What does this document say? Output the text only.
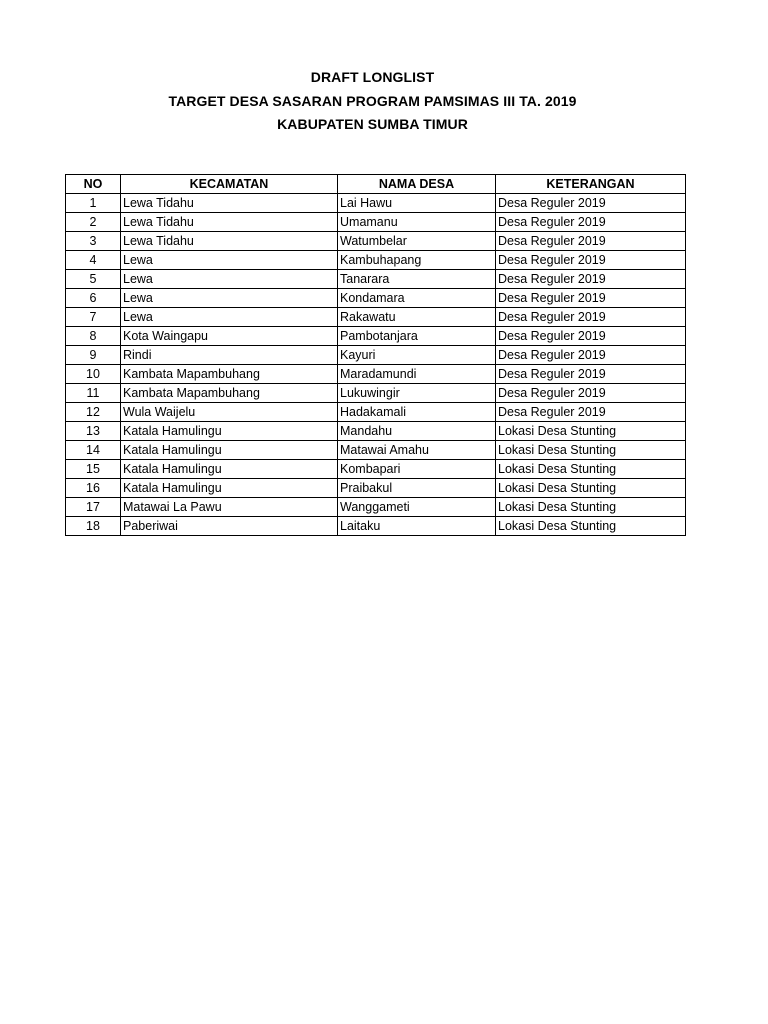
DRAFT LONGLIST
TARGET DESA SASARAN PROGRAM PAMSIMAS III TA. 2019
KABUPATEN SUMBA TIMUR
NO	KECAMATAN	NAMA DESA	KETERANGAN
1	Lewa Tidahu	Lai Hawu	Desa Reguler 2019
2	Lewa Tidahu	Umamanu	Desa Reguler 2019
3	Lewa Tidahu	Watumbelar	Desa Reguler 2019
4	Lewa	Kambuhapang	Desa Reguler 2019
5	Lewa	Tanarara	Desa Reguler 2019
6	Lewa	Kondamara	Desa Reguler 2019
7	Lewa	Rakawatu	Desa Reguler 2019
8	Kota Waingapu	Pambotanjara	Desa Reguler 2019
9	Rindi	Kayuri	Desa Reguler 2019
10	Kambata Mapambuhang	Maradamundi	Desa Reguler 2019
11	Kambata Mapambuhang	Lukuwingir	Desa Reguler 2019
12	Wula Waijelu	Hadakamali	Desa Reguler 2019
13	Katala Hamulingu	Mandahu	Lokasi Desa Stunting
14	Katala Hamulingu	Matawai Amahu	Lokasi Desa Stunting
15	Katala Hamulingu	Kombapari	Lokasi Desa Stunting
16	Katala Hamulingu	Praibakul	Lokasi Desa Stunting
17	Matawai La Pawu	Wanggameti	Lokasi Desa Stunting
18	Paberiwai	Laitaku	Lokasi Desa Stunting
